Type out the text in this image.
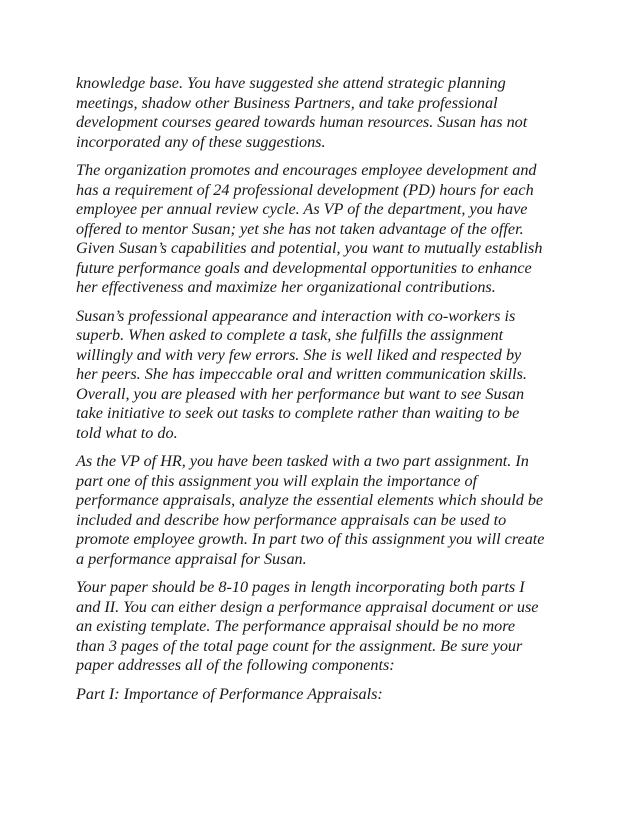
knowledge base. You have suggested she attend strategic planning
meetings, shadow other Business Partners, and take professional
development courses geared towards human resources. Susan has not
incorporated any of these suggestions.

The organization promotes and encourages employee development and
has a requirement of 24 professional development (PD) hours for each
employee per annual review cycle. As VP of the department, you have
offered to mentor Susan; yet she has not taken advantage of the offer.
Given Susan’s capabilities and potential, you want to mutually establish
future performance goals and developmental opportunities to enhance
her effectiveness and maximize her organizational contributions.

Susan’s professional appearance and interaction with co-workers is
superb. When asked to complete a task, she fulfills the assignment
willingly and with very few errors. She is well liked and respected by
her peers. She has impeccable oral and written communication skills.
Overall, you are pleased with her performance but want to see Susan
take initiative to seek out tasks to complete rather than waiting to be
told what to do.

As the VP of HR, you have been tasked with a two part assignment. In
part one of this assignment you will explain the importance of
performance appraisals, analyze the essential elements which should be
included and describe how performance appraisals can be used to
promote employee growth. In part two of this assignment you will create
a performance appraisal for Susan.

Your paper should be 8-10 pages in length incorporating both parts I
and II. You can either design a performance appraisal document or use
an existing template. The performance appraisal should be no more
than 3 pages of the total page count for the assignment. Be sure your
paper addresses all of the following components:

Part I: Importance of Performance Appraisals:
